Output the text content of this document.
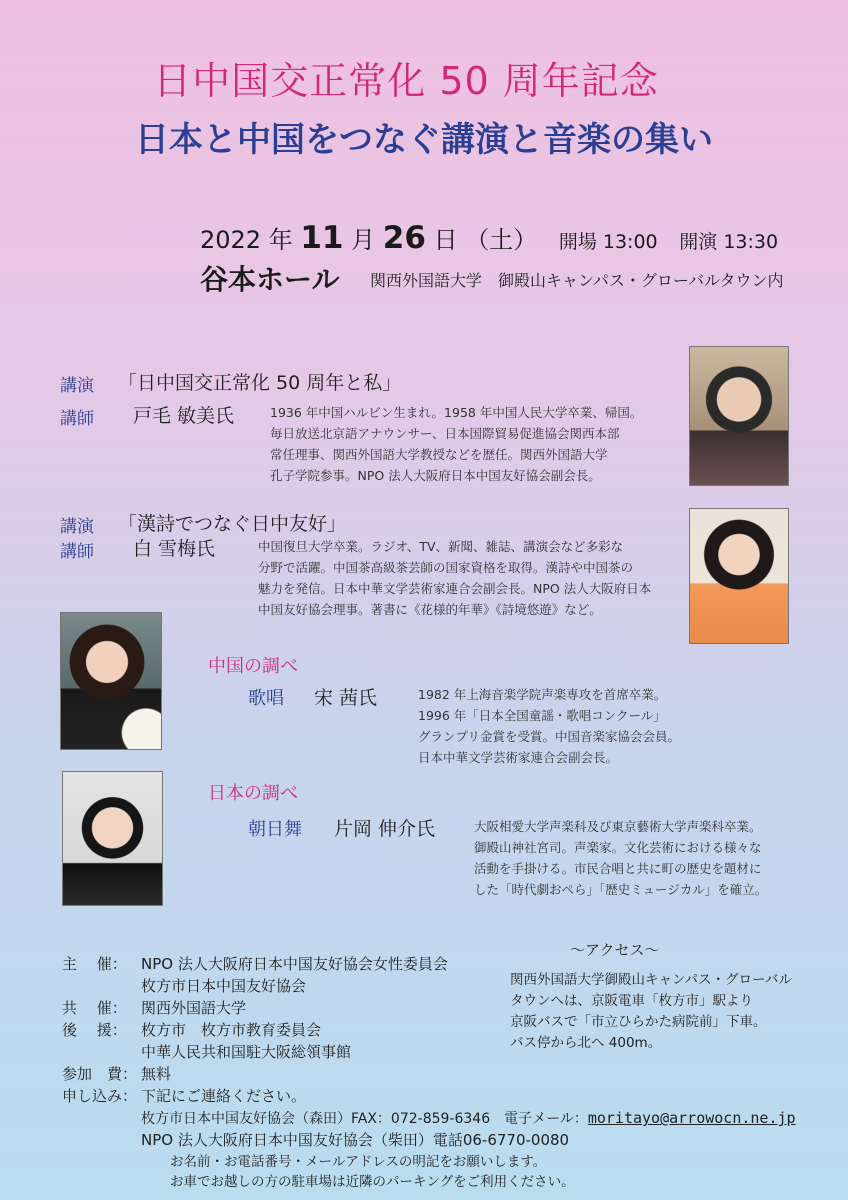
日中国交正常化 50 周年記念
日本と中国をつなぐ講演と音楽の集い
2022 年 11 月 26 日 （土） 開場 13:00 開演 13:30
谷本ホール 関西外国語大学　御殿山キャンパス・グローバルタウン内
講演 「日中国交正常化 50 周年と私」
講師 戸毛 敏美氏	1936 年中国ハルビン生まれ。1958 年中国人民大学卒業、帰国。
毎日放送北京語アナウンサー、日本国際貿易促進協会関西本部
常任理事、関西外国語大学教授などを歴任。関西外国語大学
孔子学院参事。NPO 法人大阪府日本中国友好協会副会長。
講演 「漢詩でつなぐ日中友好」
講師 白 雪梅氏	中国復旦大学卒業。ラジオ、TV、新聞、雑誌、講演会など多彩な
分野で活躍。中国茶高級茶芸師の国家資格を取得。漢詩や中国茶の
魅力を発信。日本中華文学芸術家連合会副会長。NPO 法人大阪府日本
中国友好協会理事。著書に《花様的年華》《詩境悠遊》など。
中国の調べ
歌唱 宋 茜氏	1982 年上海音楽学院声楽専攻を首席卒業。
1996 年「日本全国童謡・歌唱コンクール」
グランプリ金賞を受賞。中国音楽家協会会員。
日本中華文学芸術家連合会副会長。
日本の調べ
朝日舞 片岡 伸介氏	大阪相愛大学声楽科及び東京藝術大学声楽科卒業。
御殿山神社宮司。声楽家。文化芸術における様々な
活動を手掛ける。市民合唱と共に町の歴史を題材に
した「時代劇おぺら」「歴史ミュージカル」を確立。
主　 催： NPO 法人大阪府日本中国友好協会女性委員会
枚方市日本中国友好協会
共　 催： 関西外国語大学
後　 援： 枚方市　枚方市教育委員会
中華人民共和国駐大阪総領事館
参加　費： 無料
申し込み： 下記にご連絡ください。
枚方市日本中国友好協会（森田）FAX：072-859-6346　電子メール：moritayo@arrowocn.ne.jp
NPO 法人大阪府日本中国友好協会（柴田）電話06-6770-0080
お名前・お電話番号・メールアドレスの明記をお願いします。
お車でお越しの方の駐車場は近隣のパーキングをご利用ください。
～アクセス～
関西外国語大学御殿山キャンパス・グローバル
タウンへは、京阪電車「枚方市」駅より
京阪バスで「市立ひらかた病院前」下車。
バス停から北へ 400m。
